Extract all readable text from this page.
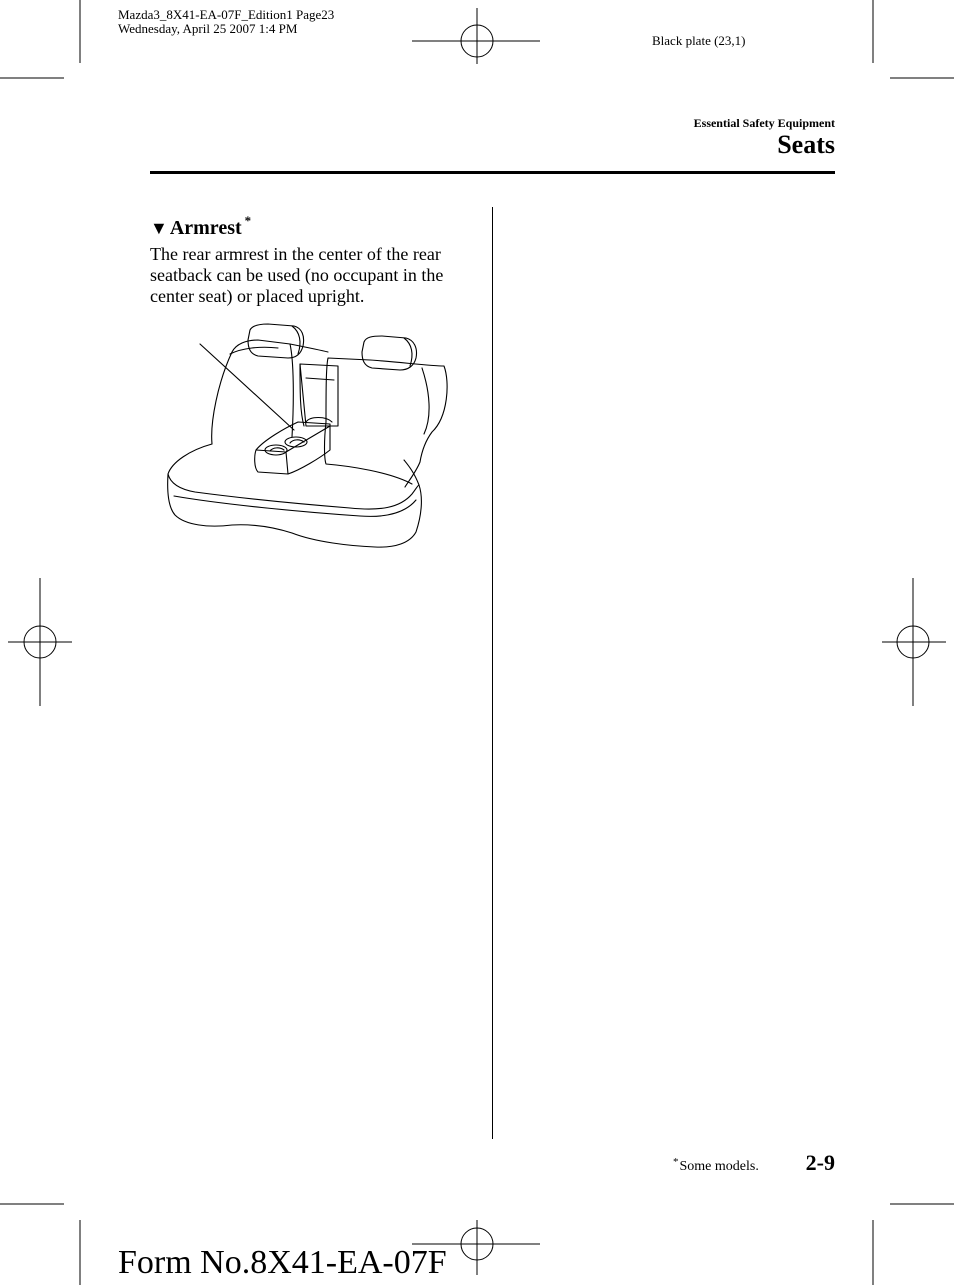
Mazda3_8X41-EA-07F_Edition1 Page23
Wednesday, April 25 2007 1:4 PM
Black plate (23,1)
Essential Safety Equipment
Seats
▼ Armrest *
The rear armrest in the center of the rear seatback can be used (no occupant in the center seat) or placed upright.
*Some models. 2-9
Form No.8X41-EA-07F
